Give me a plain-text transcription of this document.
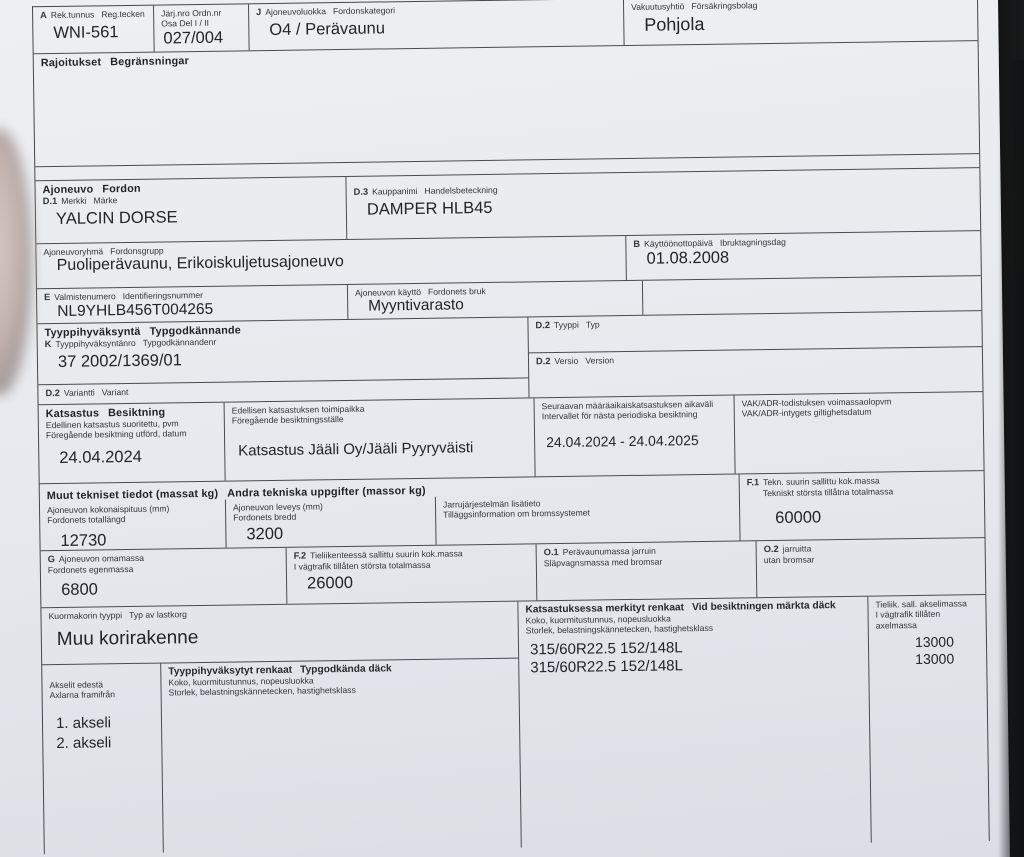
A Rek.tunnus Reg.tecken
WNI-561
Järj.nro Ordn.nr
Osa Del I / II
027/004
J Ajoneuvoluokka Fordonskategori
O4 / Perävaunu
Vakuutusyhtiö Försäkringsbolag
Pohjola
Rajoitukset Begränsningar
Ajoneuvo Fordon
D.1 Merkki Märke
YALCIN DORSE
D.3 Kauppanimi Handelsbeteckning
DAMPER HLB45
Ajoneuvoryhmä Fordonsgrupp
Puoliperävaunu, Erikoiskuljetusajoneuvo
B Käyttöönottopäivä Ibruktagningsdag
01.08.2008
E Valmistenumero Identifieringsnummer
NL9YHLB456T004265
Ajoneuvon käyttö Fordonets bruk
Myyntivarasto
Tyyppihyväksyntä Typgodkännande
K Tyyppihyväksyntänro Typgodkännandenr
37 2002/1369/01
D.2 Variantti Variant
D.2 Tyyppi Typ
D.2 Versio Version
Katsastus Besiktning
Edellinen katsastus suoritettu, pvm
Föregående besiktning utförd, datum
24.04.2024
Edellisen katsastuksen toimipaikka
Föregående besiktningsställe
Katsastus Jääli Oy/Jääli Pyyryväisti
Seuraavan määräaikaiskatsastuksen aikaväli
Intervallet för nästa periodiska besiktning
24.04.2024 - 24.04.2025
VAK/ADR-todistuksen voimassaolopvm
VAK/ADR-intygets giltighetsdatum
Muut tekniset tiedot (massat kg) Andra tekniska uppgifter (massor kg)
F.1 Tekn. suurin sallittu kok.massa
Tekniskt största tillåtna totalmassa
60000
Ajoneuvon kokonaispituus (mm)
Fordonets totallängd
12730
Ajoneuvon leveys (mm)
Fordonets bredd
3200
Jarrujärjestelmän lisätieto
Tilläggsinformation om bromssystemet
G Ajoneuvon omamassa
Fordonets egenmassa
6800
F.2 Tieliikenteessä sallittu suurin kok.massa
I vägtrafik tillåten största totalmassa
26000
O.1 Perävaunumassa jarruin
Släpvagnsmassa med bromsar
O.2 jarruitta
utan bromsar
Kuormakorin tyyppi Typ av lastkorg
Muu korirakenne
Katsastuksessa merkityt renkaat Vid besiktningen märkta däck
Koko, kuormitustunnus, nopeusluokka
Storlek, belastningskännetecken, hastighetsklass
315/60R22.5 152/148L
315/60R22.5 152/148L
Tieliik. sall. akselimassa
I vägtrafik tillåten axelmassa
13000
13000
Akselit edestä
Axlarna framifrån
1. akseli
2. akseli
Tyyppihyväksytyt renkaat Typgodkända däck
Koko, kuormitustunnus, nopeusluokka
Storlek, belastningskännetecken, hastighetsklass
